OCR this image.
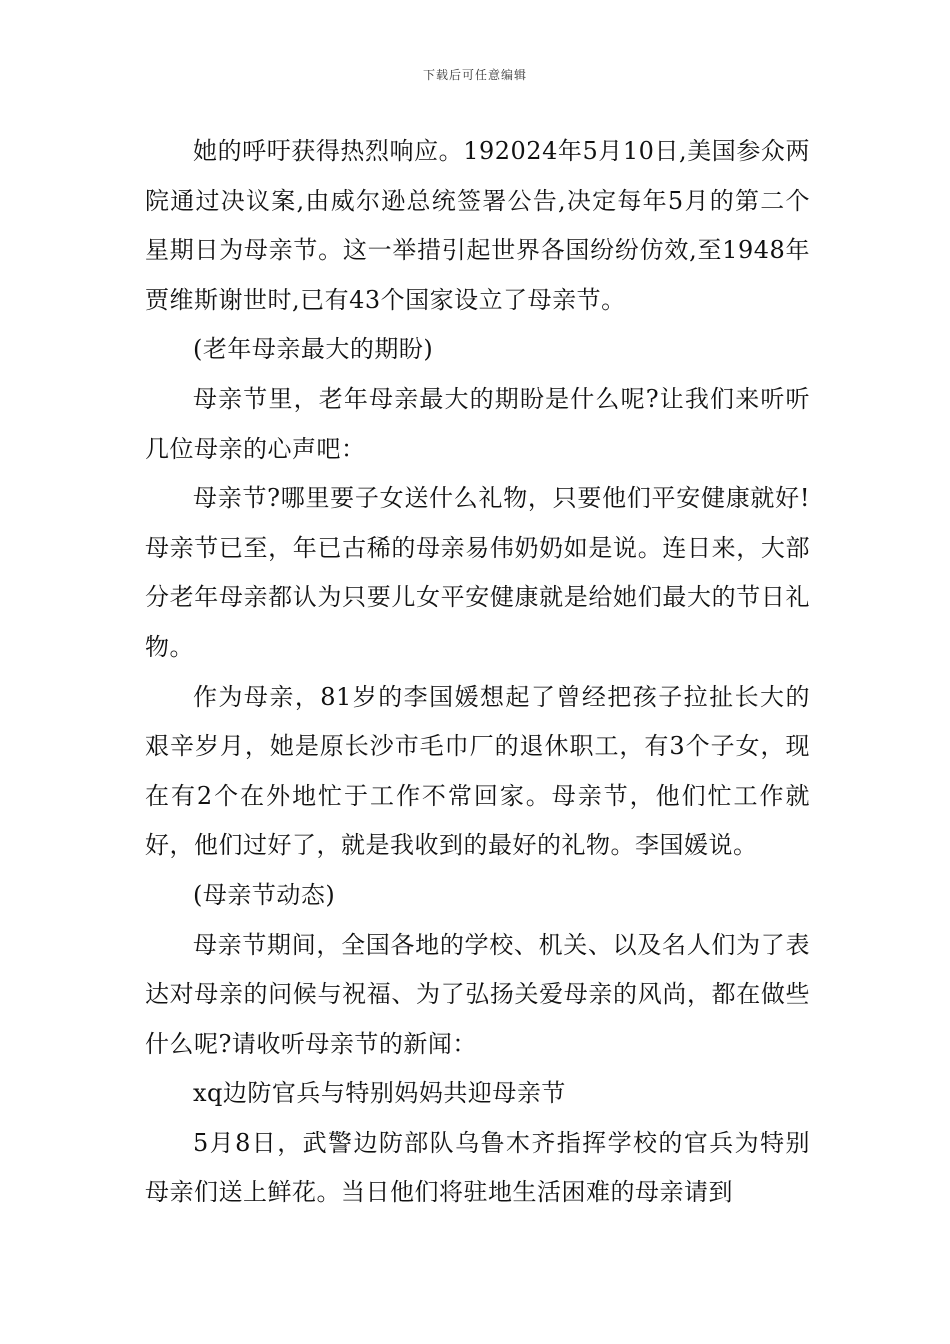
下载后可任意编辑

她的呼吁获得热烈响应。192024年5月10日,美国参众两院通过决议案,由威尔逊总统签署公告,决定每年5月的第二个星期日为母亲节。这一举措引起世界各国纷纷仿效,至1948年贾维斯谢世时,已有43个国家设立了母亲节。

(老年母亲最大的期盼)

母亲节里，老年母亲最大的期盼是什么呢?让我们来听听几位母亲的心声吧：

母亲节?哪里要子女送什么礼物，只要他们平安健康就好!母亲节已至，年已古稀的母亲易伟奶奶如是说。连日来，大部分老年母亲都认为只要儿女平安健康就是给她们最大的节日礼物。

作为母亲，81岁的李国媛想起了曾经把孩子拉扯长大的艰辛岁月，她是原长沙市毛巾厂的退休职工，有3个子女，现在有2个在外地忙于工作不常回家。母亲节，他们忙工作就好，他们过好了，就是我收到的最好的礼物。李国媛说。

(母亲节动态)

母亲节期间，全国各地的学校、机关、以及名人们为了表达对母亲的问候与祝福、为了弘扬关爱母亲的风尚，都在做些什么呢?请收听母亲节的新闻：

xq边防官兵与特别妈妈共迎母亲节

5月8日，武警边防部队乌鲁木齐指挥学校的官兵为特别母亲们送上鲜花。当日他们将驻地生活困难的母亲请到
